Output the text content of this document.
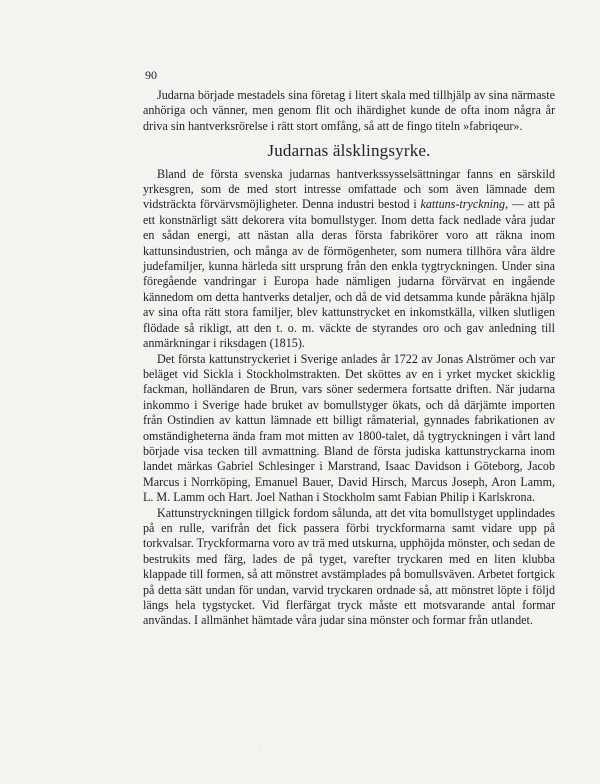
90

Judarna började mestadels sina företag i litert skala med tillhjälp av sina närmaste anhöriga och vänner, men genom flit och ihärdighet kunde de ofta inom några år driva sin hantverksrörelse i rätt stort omfång, så att de fingo titeln »fabriqeur».

Judarnas älsklingsyrke.

Bland de första svenska judarnas hantverkssysselsättningar fanns en särskild yrkesgren, som de med stort intresse omfattade och som även lämnade dem vidsträckta förvärvsmöjligheter. Denna industri bestod i kattuns-tryckning, — att på ett konstnärligt sätt dekorera vita bomullstyger. Inom detta fack nedlade våra judar en sådan energi, att nästan alla deras första fabrikörer voro att räkna inom kattunsindustrien, och många av de förmögenheter, som numera tillhöra våra äldre judefamiljer, kunna härleda sitt ursprung från den enkla tygtryckningen. Under sina föregående vandringar i Europa hade nämligen judarna förvärvat en ingående kännedom om detta hantverks detaljer, och då de vid detsamma kunde påräkna hjälp av sina ofta rätt stora familjer, blev kattunstrycket en inkomstkälla, vilken slutligen flödade så rikligt, att den t. o. m. väckte de styrandes oro och gav anledning till anmärkningar i riksdagen (1815).

Det första kattunstryckeriet i Sverige anlades år 1722 av Jonas Alströmer och var beläget vid Sickla i Stockholmstrakten. Det sköttes av en i yrket mycket skicklig fackman, holländaren de Brun, vars söner sedermera fortsatte driften. När judarna inkommo i Sverige hade bruket av bomullstyger ökats, och då därjämte importen från Ostindien av kattun lämnade ett billigt råmaterial, gynnades fabrikationen av omständigheterna ända fram mot mitten av 1800-talet, då tygtryckningen i vårt land började visa tecken till avmattning. Bland de första judiska kattunstryckarna inom landet märkas Gabriel Schlesinger i Marstrand, Isaac Davidson i Göteborg, Jacob Marcus i Norrköping, Emanuel Bauer, David Hirsch, Marcus Joseph, Aron Lamm, L. M. Lamm och Hart. Joel Nathan i Stockholm samt Fabian Philip i Karlskrona.

Kattunstryckningen tillgick fordom sålunda, att det vita bomullstyget upplindades på en rulle, varifrån det fick passera förbi tryckformarna samt vidare upp på torkvalsar. Tryckformarna voro av trä med utskurna, upphöjda mönster, och sedan de bestrukits med färg, lades de på tyget, varefter tryckaren med en liten klubba klappade till formen, så att mönstret avstämplades på bomullsväven. Arbetet fortgick på detta sätt undan för undan, varvid tryckaren ordnade så, att mönstret löpte i följd längs hela tygstycket. Vid flerfärgat tryck måste ett motsvarande antal formar användas. I allmänhet hämtade våra judar sina mönster och formar från utlandet.

⸒
